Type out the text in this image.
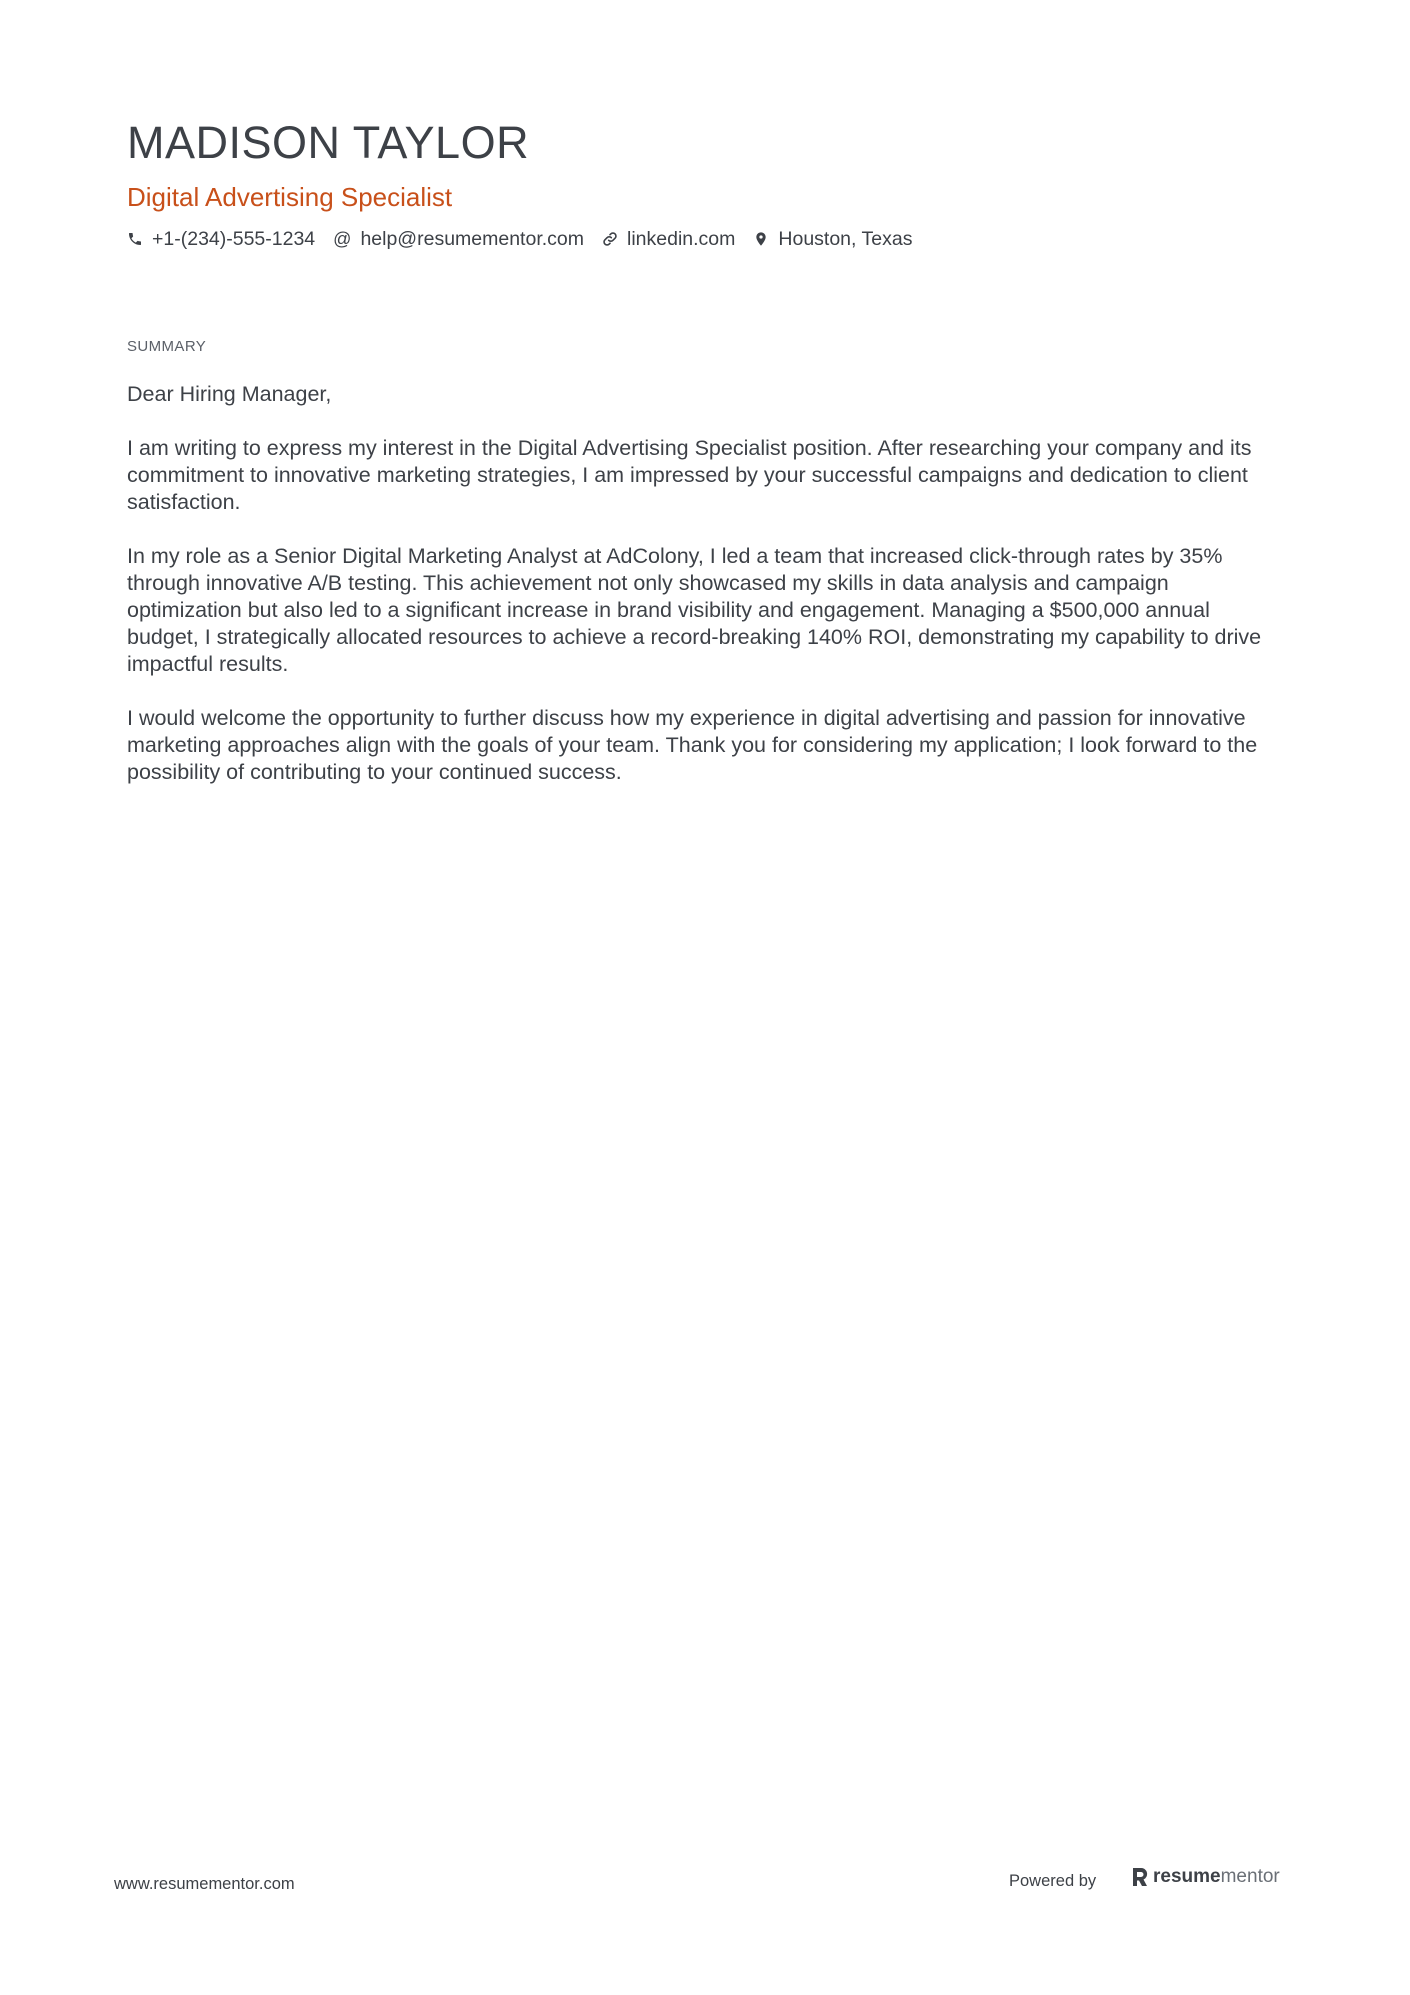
MADISON TAYLOR
Digital Advertising Specialist
+1-(234)-555-1234 @ help@resumementor.com linkedin.com Houston, Texas
SUMMARY

Dear Hiring Manager,

I am writing to express my interest in the Digital Advertising Specialist position. After researching your company and its commitment to innovative marketing strategies, I am impressed by your successful campaigns and dedication to client satisfaction.

In my role as a Senior Digital Marketing Analyst at AdColony, I led a team that increased click-through rates by 35% through innovative A/B testing. This achievement not only showcased my skills in data analysis and campaign optimization but also led to a significant increase in brand visibility and engagement. Managing a $500,000 annual budget, I strategically allocated resources to achieve a record-breaking 140% ROI, demonstrating my capability to drive impactful results.

I would welcome the opportunity to further discuss how my experience in digital advertising and passion for innovative marketing approaches align with the goals of your team. Thank you for considering my application; I look forward to the possibility of contributing to your continued success.

www.resumementor.com	Powered by	resume mentor
